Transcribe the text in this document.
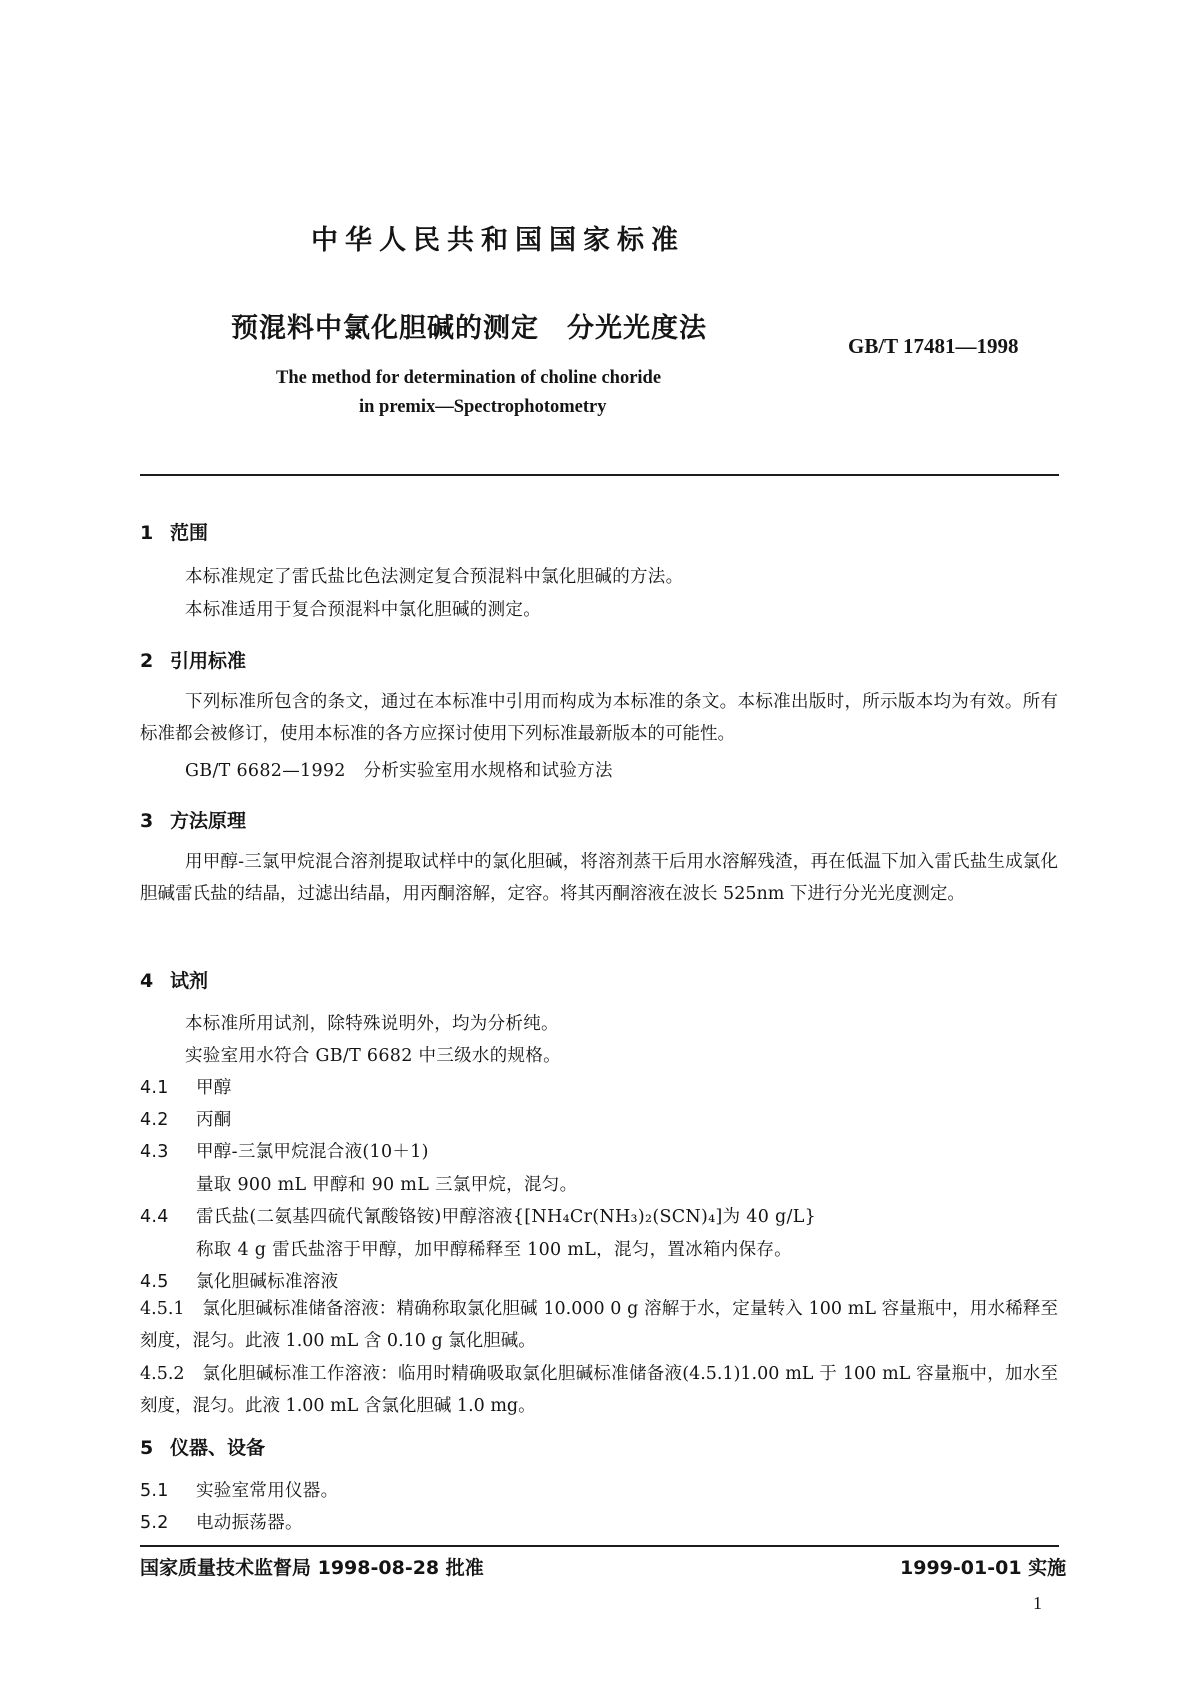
中华人民共和国国家标准
预混料中氯化胆碱的测定　分光光度法
GB/T 17481—1998
The method for determination of choline choride
in premix—Spectrophotometry
1 范围
本标准规定了雷氏盐比色法测定复合预混料中氯化胆碱的方法。
本标准适用于复合预混料中氯化胆碱的测定。
2 引用标准
下列标准所包含的条文，通过在本标准中引用而构成为本标准的条文。本标准出版时，所示版本均为有效。所有标准都会被修订，使用本标准的各方应探讨使用下列标准最新版本的可能性。
GB/T 6682—1992　分析实验室用水规格和试验方法
3 方法原理
用甲醇-三氯甲烷混合溶剂提取试样中的氯化胆碱，将溶剂蒸干后用水溶解残渣，再在低温下加入雷氏盐生成氯化胆碱雷氏盐的结晶，过滤出结晶，用丙酮溶解，定容。将其丙酮溶液在波长 525nm 下进行分光光度测定。
4 试剂
本标准所用试剂，除特殊说明外，均为分析纯。
实验室用水符合 GB/T 6682 中三级水的规格。
4.1 甲醇
4.2 丙酮
4.3 甲醇-三氯甲烷混合液(10＋1)
量取 900 mL 甲醇和 90 mL 三氯甲烷，混匀。
4.4 雷氏盐(二氨基四硫代氰酸铬铵)甲醇溶液{[NH₄Cr(NH₃)₂(SCN)₄]为 40 g/L}
称取 4 g 雷氏盐溶于甲醇，加甲醇稀释至 100 mL，混匀，置冰箱内保存。
4.5 氯化胆碱标准溶液
4.5.1　氯化胆碱标准储备溶液：精确称取氯化胆碱 10.000 0 g 溶解于水，定量转入 100 mL 容量瓶中，用水稀释至刻度，混匀。此液 1.00 mL 含 0.10 g 氯化胆碱。
4.5.2　氯化胆碱标准工作溶液：临用时精确吸取氯化胆碱标准储备液(4.5.1)1.00 mL 于 100 mL 容量瓶中，加水至刻度，混匀。此液 1.00 mL 含氯化胆碱 1.0 mg。
5 仪器、设备
5.1 实验室常用仪器。
5.2 电动振荡器。
国家质量技术监督局 1998-08-28 批准	1999-01-01 实施
1
